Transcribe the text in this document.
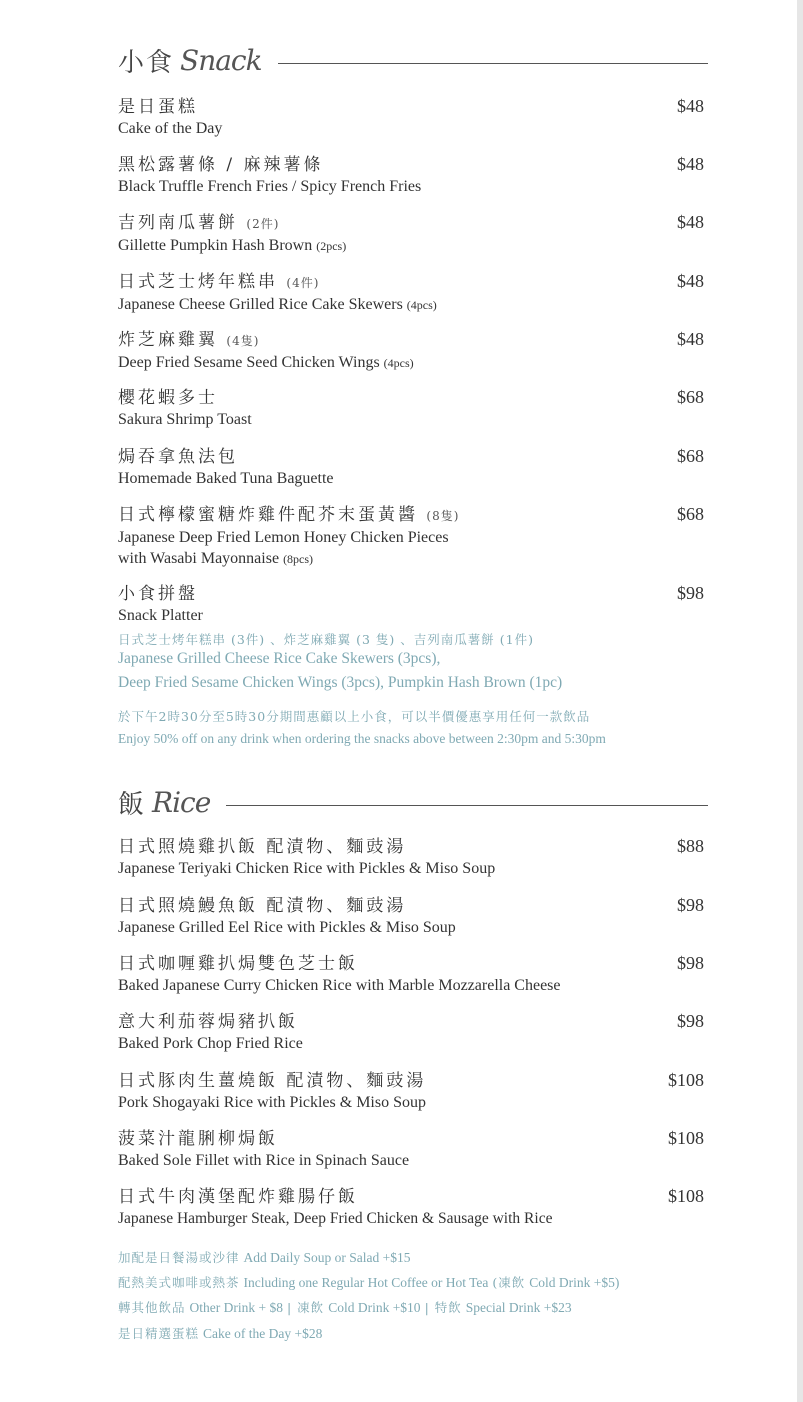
小食 Snack
是日蛋糕
Cake of the Day
$48
黑松露薯條 / 麻辣薯條
Black Truffle French Fries / Spicy French Fries
$48
吉列南瓜薯餅 (2件)
Gillette Pumpkin Hash Brown (2pcs)
$48
日式芝士烤年糕串 (4件)
Japanese Cheese Grilled Rice Cake Skewers (4pcs)
$48
炸芝麻雞翼 (4隻)
Deep Fried Sesame Seed Chicken Wings (4pcs)
$48
櫻花蝦多士
Sakura Shrimp Toast
$68
焗吞拿魚法包
Homemade Baked Tuna Baguette
$68
日式檸檬蜜糖炸雞件配芥末蛋黃醬 (8隻)
Japanese Deep Fried Lemon Honey Chicken Pieces
with Wasabi Mayonnaise (8pcs)
$68
小食拼盤
Snack Platter
$98
日式芝士烤年糕串 (3件) 、炸芝麻雞翼 (3 隻) 、吉列南瓜薯餅 (1件)
Japanese Grilled Cheese Rice Cake Skewers (3pcs),
Deep Fried Sesame Chicken Wings (3pcs), Pumpkin Hash Brown (1pc)
於下午2時30分至5時30分期間惠顧以上小食，可以半價優惠享用任何一款飲品
Enjoy 50% off on any drink when ordering the snacks above between 2:30pm and 5:30pm
飯 Rice
日式照燒雞扒飯 配漬物、麵豉湯
Japanese Teriyaki Chicken Rice with Pickles & Miso Soup
$88
日式照燒鰻魚飯 配漬物、麵豉湯
Japanese Grilled Eel Rice with Pickles & Miso Soup
$98
日式咖喱雞扒焗雙色芝士飯
Baked Japanese Curry Chicken Rice with Marble Mozzarella Cheese
$98
意大利茄蓉焗豬扒飯
Baked Pork Chop Fried Rice
$98
日式豚肉生薑燒飯 配漬物、麵豉湯
Pork Shogayaki Rice with Pickles & Miso Soup
$108
菠菜汁龍脷柳焗飯
Baked Sole Fillet with Rice in Spinach Sauce
$108
日式牛肉漢堡配炸雞腸仔飯
Japanese Hamburger Steak, Deep Fried Chicken & Sausage with Rice
$108
加配是日餐湯或沙律 Add Daily Soup or Salad +$15
配熱美式咖啡或熱茶 Including one Regular Hot Coffee or Hot Tea (凍飲 Cold Drink +$5)
轉其他飲品 Other Drink + $8 | 凍飲 Cold Drink +$10 | 特飲 Special Drink +$23
是日精選蛋糕 Cake of the Day +$28
